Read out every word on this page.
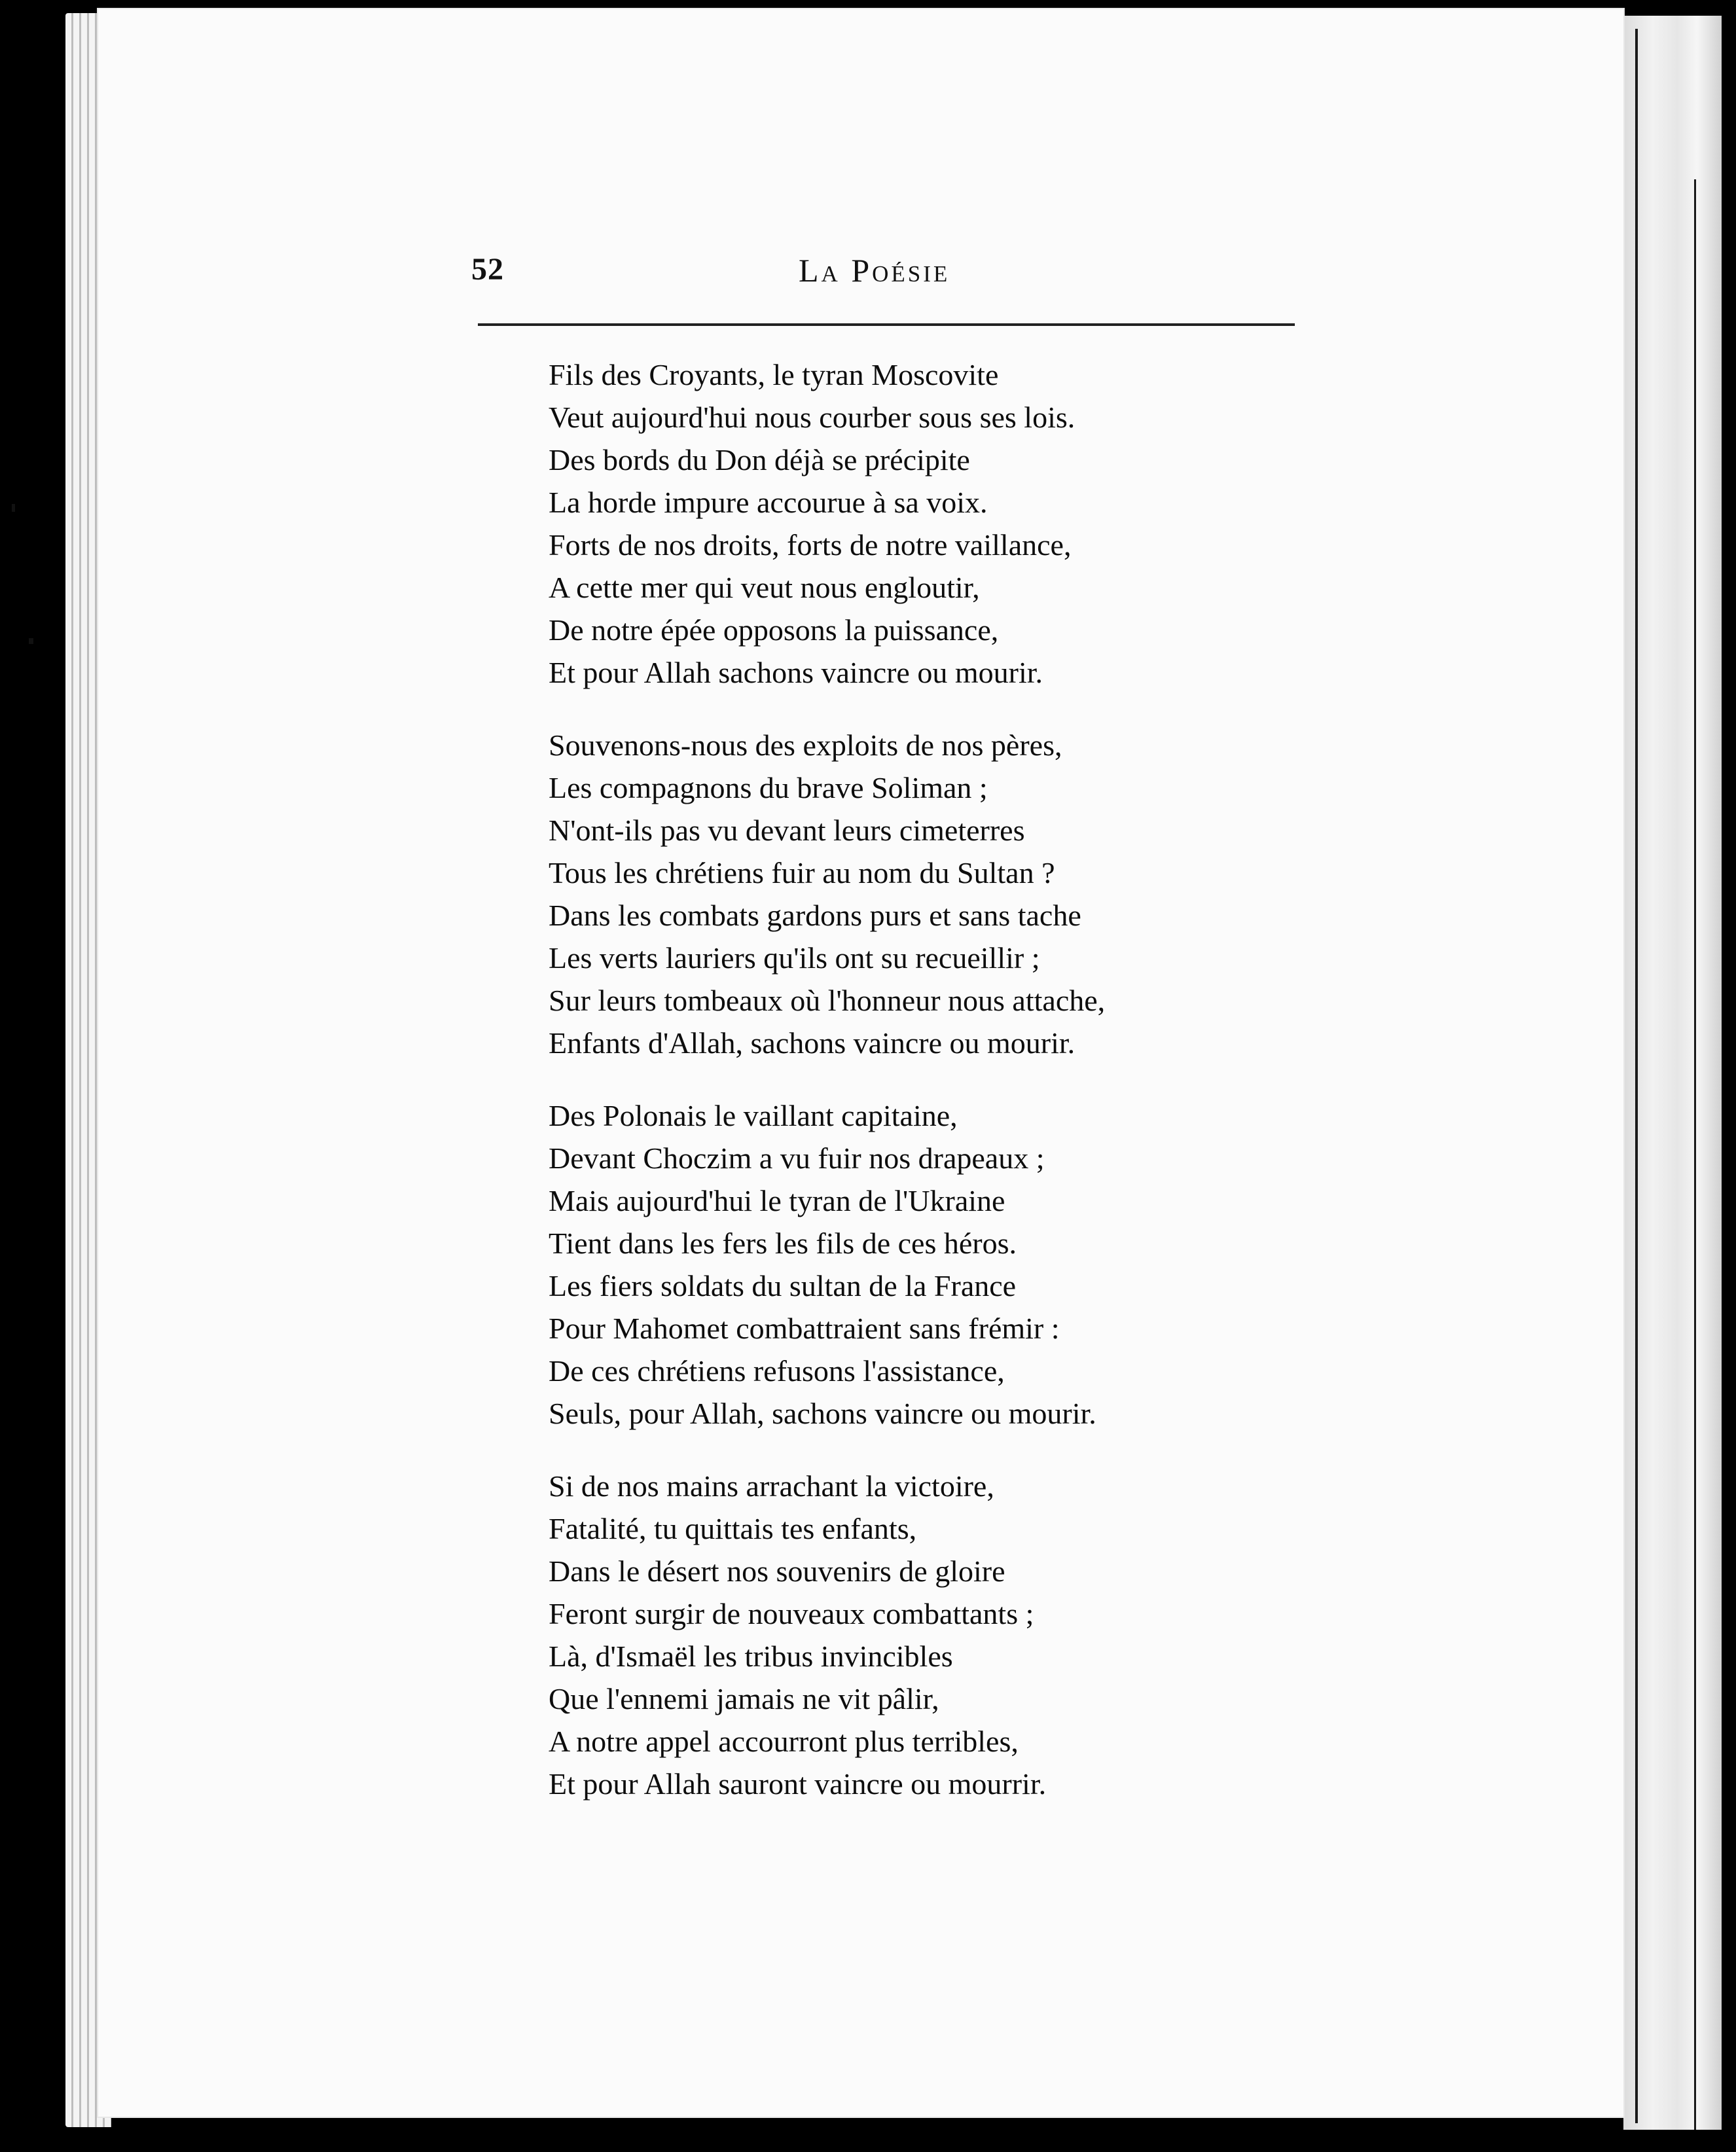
52	La Poésie
Fils des Croyants, le tyran Moscovite
Veut aujourd'hui nous courber sous ses lois.
Des bords du Don déjà se précipite
La horde impure accourue à sa voix.
Forts de nos droits, forts de notre vaillance,
A cette mer qui veut nous engloutir,
De notre épée opposons la puissance,
Et pour Allah sachons vaincre ou mourir.
Souvenons-nous des exploits de nos pères,
Les compagnons du brave Soliman ;
N'ont-ils pas vu devant leurs cimeterres
Tous les chrétiens fuir au nom du Sultan ?
Dans les combats gardons purs et sans tache
Les verts lauriers qu'ils ont su recueillir ;
Sur leurs tombeaux où l'honneur nous attache,
Enfants d'Allah, sachons vaincre ou mourir.
Des Polonais le vaillant capitaine,
Devant Choczim a vu fuir nos drapeaux ;
Mais aujourd'hui le tyran de l'Ukraine
Tient dans les fers les fils de ces héros.
Les fiers soldats du sultan de la France
Pour Mahomet combattraient sans frémir :
De ces chrétiens refusons l'assistance,
Seuls, pour Allah, sachons vaincre ou mourir.
Si de nos mains arrachant la victoire,
Fatalité, tu quittais tes enfants,
Dans le désert nos souvenirs de gloire
Feront surgir de nouveaux combattants ;
Là, d'Ismaël les tribus invincibles
Que l'ennemi jamais ne vit pâlir,
A notre appel accourront plus terribles,
Et pour Allah sauront vaincre ou mourrir.
